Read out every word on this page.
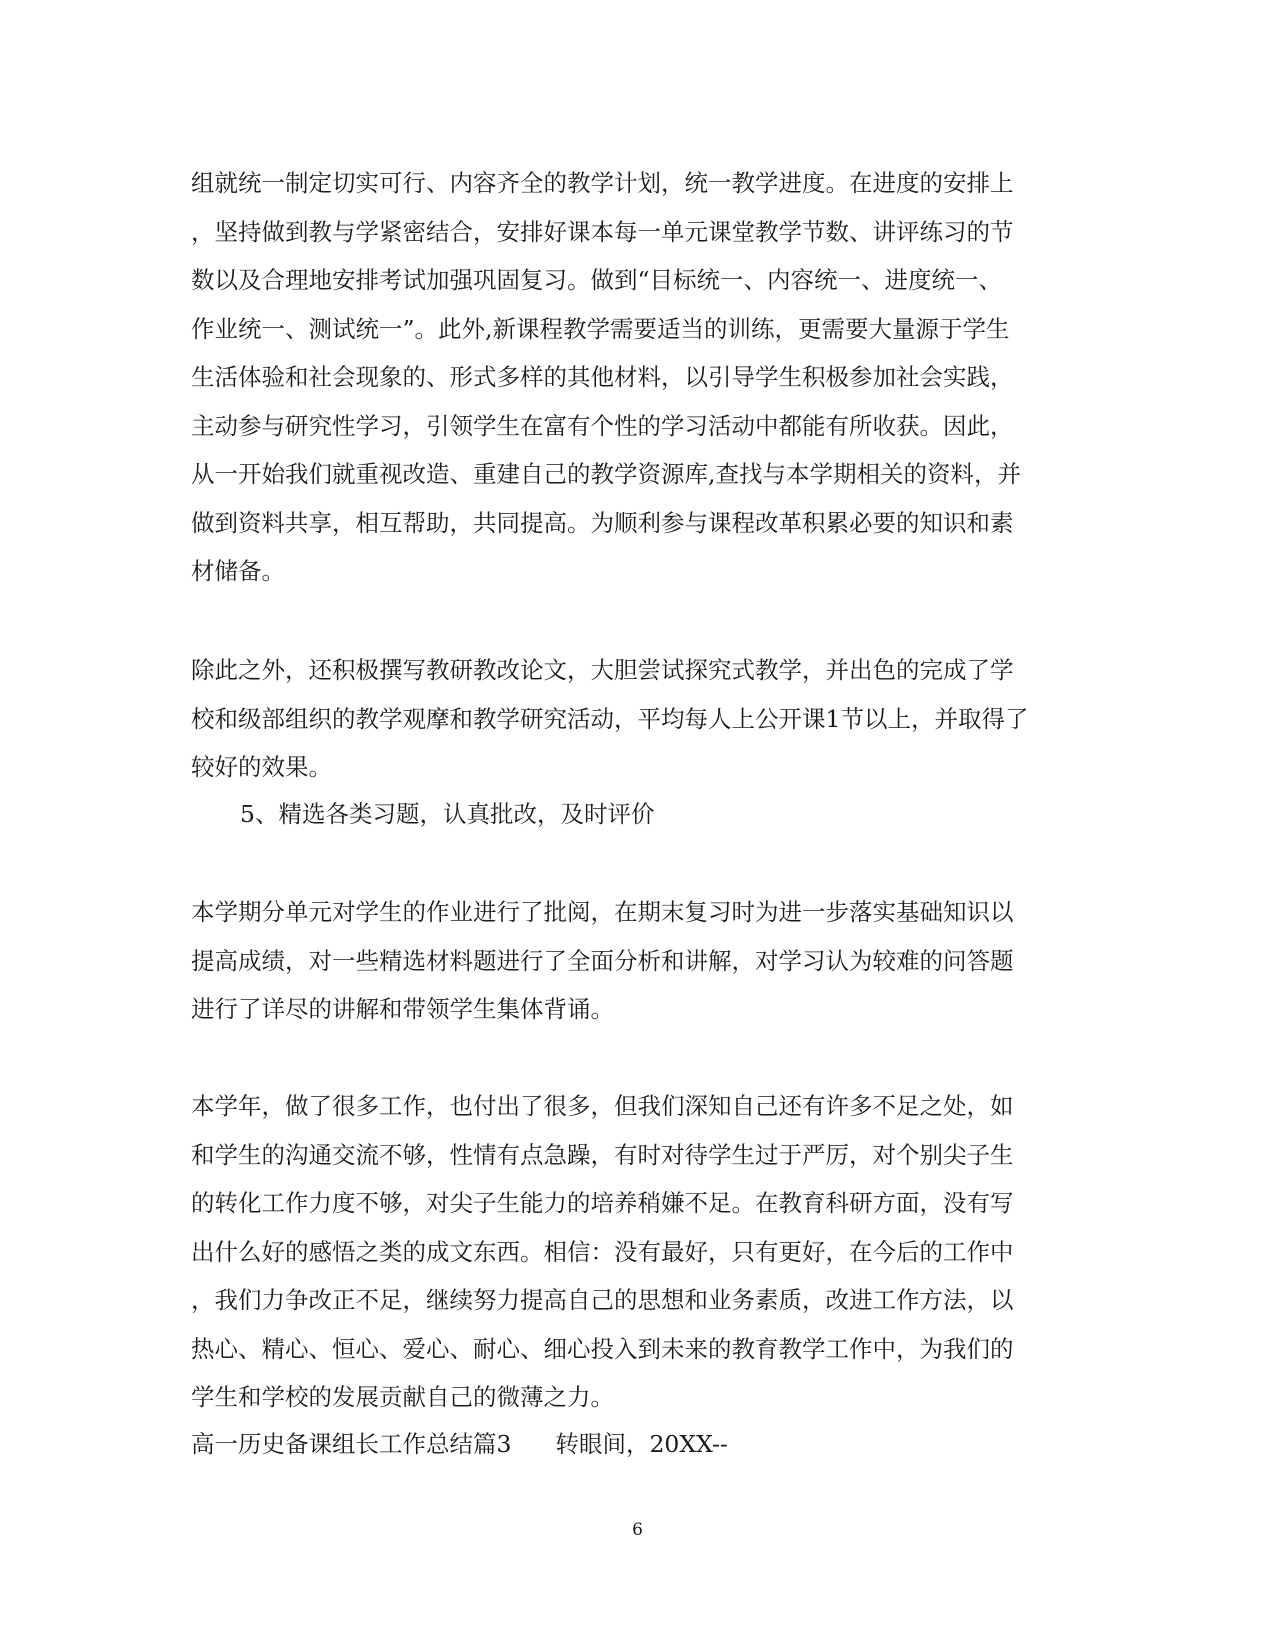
组就统一制定切实可行、内容齐全的教学计划，统一教学进度。在进度的安排上
，坚持做到教与学紧密结合，安排好课本每一单元课堂教学节数、讲评练习的节
数以及合理地安排考试加强巩固复习。做到“目标统一、内容统一、进度统一、
作业统一、测试统一”。此外,新课程教学需要适当的训练，更需要大量源于学生
生活体验和社会现象的、形式多样的其他材料，以引导学生积极参加社会实践，
主动参与研究性学习，引领学生在富有个性的学习活动中都能有所收获。因此，
从一开始我们就重视改造、重建自己的教学资源库,查找与本学期相关的资料，并
做到资料共享，相互帮助，共同提高。为顺利参与课程改革积累必要的知识和素
材储备。
除此之外，还积极撰写教研教改论文，大胆尝试探究式教学，并出色的完成了学
校和级部组织的教学观摩和教学研究活动，平均每人上公开课1节以上，并取得了
较好的效果。
5、精选各类习题，认真批改，及时评价
本学期分单元对学生的作业进行了批阅，在期末复习时为进一步落实基础知识以
提高成绩，对一些精选材料题进行了全面分析和讲解，对学习认为较难的问答题
进行了详尽的讲解和带领学生集体背诵。
本学年，做了很多工作，也付出了很多，但我们深知自己还有许多不足之处，如
和学生的沟通交流不够，性情有点急躁，有时对待学生过于严厉，对个别尖子生
的转化工作力度不够，对尖子生能力的培养稍嫌不足。在教育科研方面，没有写
出什么好的感悟之类的成文东西。相信：没有最好，只有更好，在今后的工作中
，我们力争改正不足，继续努力提高自己的思想和业务素质，改进工作方法，以
热心、精心、恒心、爱心、耐心、细心投入到未来的教育教学工作中，为我们的
学生和学校的发展贡献自己的微薄之力。
高一历史备课组长工作总结篇3 转眼间，20XX--
6
